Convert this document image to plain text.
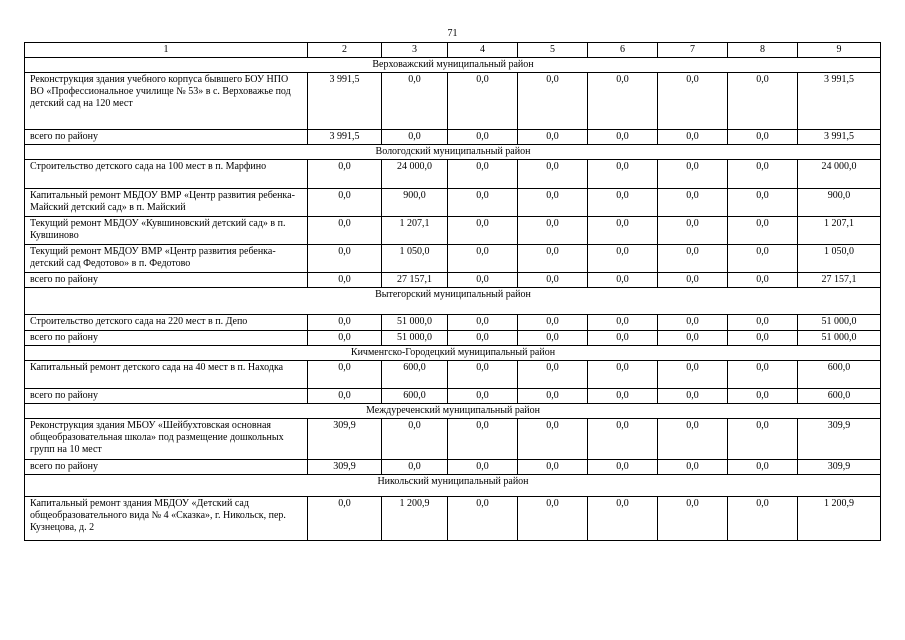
71
1	2	3	4	5	6	7	8	9
Верховажский муниципальный район								
Реконструкция здания учебного корпуса бывшего БОУ НПО ВО «Профессиональное училище № 53» в с. Верховажье под детский сад на 120 мест	3 991,5	0,0	0,0	0,0	0,0	0,0	0,0	3 991,5
всего по району	3 991,5	0,0	0,0	0,0	0,0	0,0	0,0	3 991,5
Вологодский муниципальный район								
Строительство детского сада на 100 мест в п. Марфино	0,0	24 000,0	0,0	0,0	0,0	0,0	0,0	24 000,0
Капитальный ремонт МБДОУ ВМР «Центр развития ребенка-Майский детский сад» в п. Майский	0,0	900,0	0,0	0,0	0,0	0,0	0,0	900,0
Текущий ремонт МБДОУ «Кувшиновский детский сад» в п. Кувшиново	0,0	1 207,1	0,0	0,0	0,0	0,0	0,0	1 207,1
Текущий ремонт МБДОУ ВМР «Центр развития ребенка-детский сад Федотово» в п. Федотово	0,0	1 050,0	0,0	0,0	0,0	0,0	0,0	1 050,0
всего по району	0,0	27 157,1	0,0	0,0	0,0	0,0	0,0	27 157,1
Вытегорский муниципальный район								
Строительство детского сада на 220 мест в п. Депо	0,0	51 000,0	0,0	0,0	0,0	0,0	0,0	51 000,0
всего по району	0,0	51 000,0	0,0	0,0	0,0	0,0	0,0	51 000,0
Кичменгско-Городецкий муниципальный район								
Капитальный ремонт детского сада на 40 мест в п. Находка	0,0	600,0	0,0	0,0	0,0	0,0	0,0	600,0
всего по району	0,0	600,0	0,0	0,0	0,0	0,0	0,0	600,0
Междуреченский муниципальный район								
Реконструкция здания МБОУ «Шейбухтовская основная общеобразовательная школа» под размещение дошкольных групп на 10 мест	309,9	0,0	0,0	0,0	0,0	0,0	0,0	309,9
всего по району	309,9	0,0	0,0	0,0	0,0	0,0	0,0	309,9
Никольский муниципальный район								
Капитальный ремонт здания МБДОУ «Детский сад общеобразовательного вида № 4 «Сказка», г. Никольск, пер. Кузнецова, д. 2	0,0	1 200,9	0,0	0,0	0,0	0,0	0,0	1 200,9
